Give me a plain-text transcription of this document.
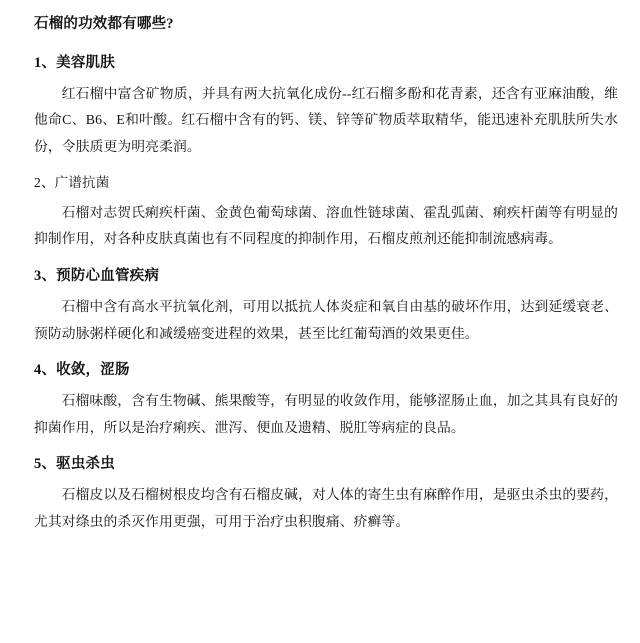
石榴的功效都有哪些?
1、美容肌肤

红石榴中富含矿物质，并具有两大抗氧化成份--红石榴多酚和花青素，还含有亚麻油酸，维他命C、B6、E和叶酸。红石榴中含有的钙、镁、锌等矿物质萃取精华，能迅速补充肌肤所失水份，令肤质更为明亮柔润。

2、广谱抗菌

石榴对志贺氏痢疾杆菌、金黄色葡萄球菌、溶血性链球菌、霍乱弧菌、痢疾杆菌等有明显的抑制作用，对各种皮肤真菌也有不同程度的抑制作用，石榴皮煎剂还能抑制流感病毒。

3、预防心血管疾病

石榴中含有高水平抗氧化剂，可用以抵抗人体炎症和氧自由基的破坏作用，达到延缓衰老、预防动脉粥样硬化和减缓癌变进程的效果，甚至比红葡萄酒的效果更佳。

4、收敛，涩肠

石榴味酸，含有生物碱、熊果酸等，有明显的收敛作用，能够涩肠止血，加之其具有良好的抑菌作用，所以是治疗痢疾、泄泻、便血及遗精、脱肛等病症的良品。

5、驱虫杀虫

石榴皮以及石榴树根皮均含有石榴皮碱，对人体的寄生虫有麻醉作用，是驱虫杀虫的要药，尤其对绦虫的杀灭作用更强，可用于治疗虫积腹痛、疥癣等。
